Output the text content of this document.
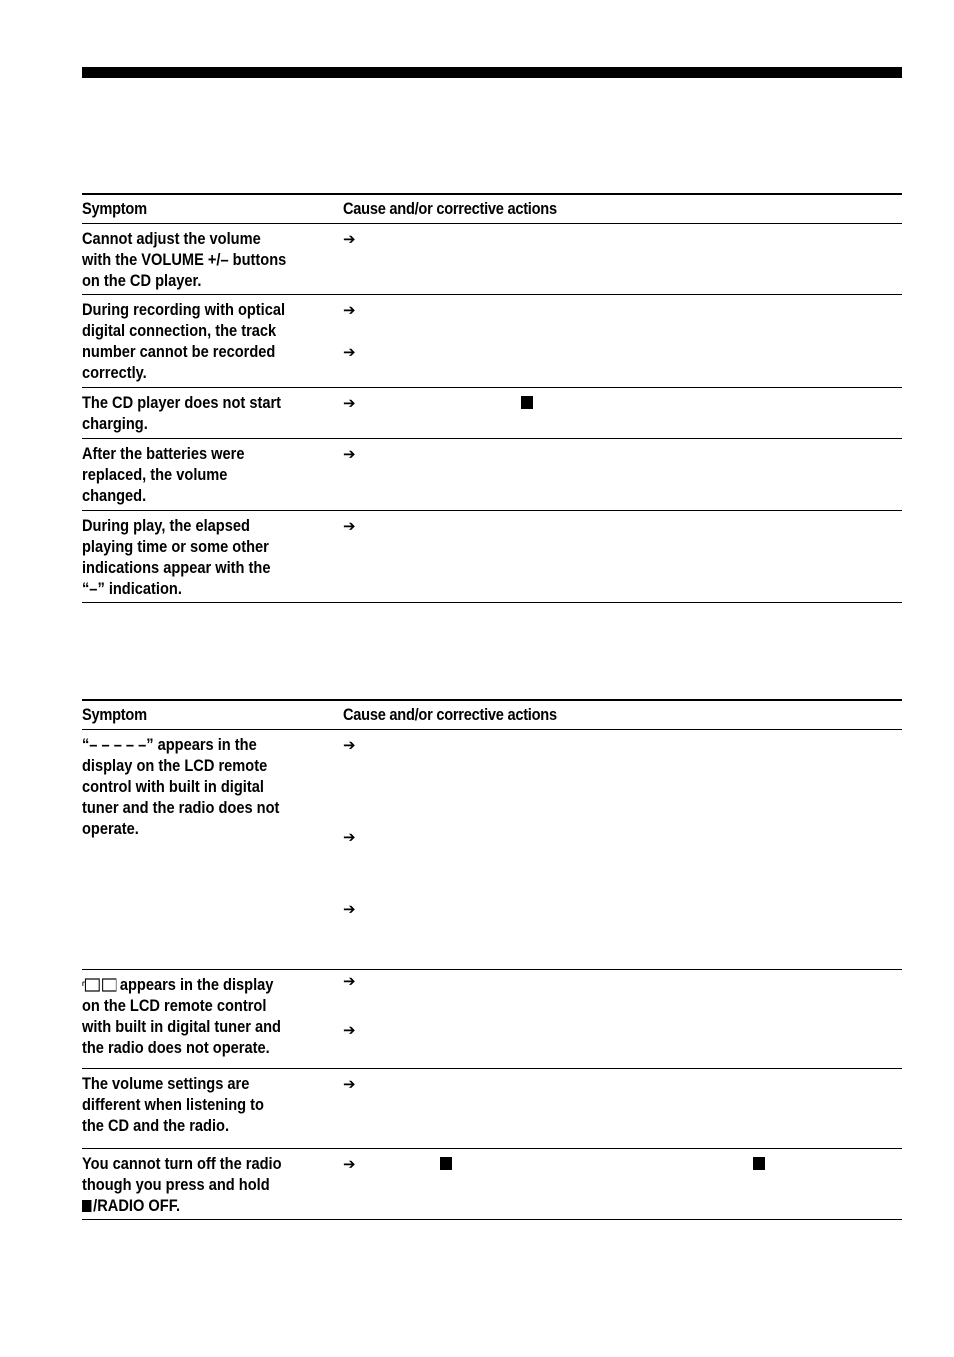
Symptom	Cause and/or corrective actions
Cannot adjust the volume
with the VOLUME +/– buttons
on the CD player.
➔
During recording with optical
digital connection, the track
number cannot be recorded
correctly.
➔
➔
The CD player does not start
charging.
➔
After the batteries were
replaced, the volume
changed.
➔
During play, the elapsed
playing time or some other
indications appear with the
“–” indication.
➔
Symptom	Cause and/or corrective actions
“– – – – –” appears in the
display on the LCD remote
control with built in digital
tuner and the radio does not
operate.
➔
➔
➔
appears in the display
on the LCD remote control
with built in digital tuner and
the radio does not operate.
➔
➔
The volume settings are
different when listening to
the CD and the radio.
➔
You cannot turn off the radio
though you press and hold
/RADIO OFF.
➔
